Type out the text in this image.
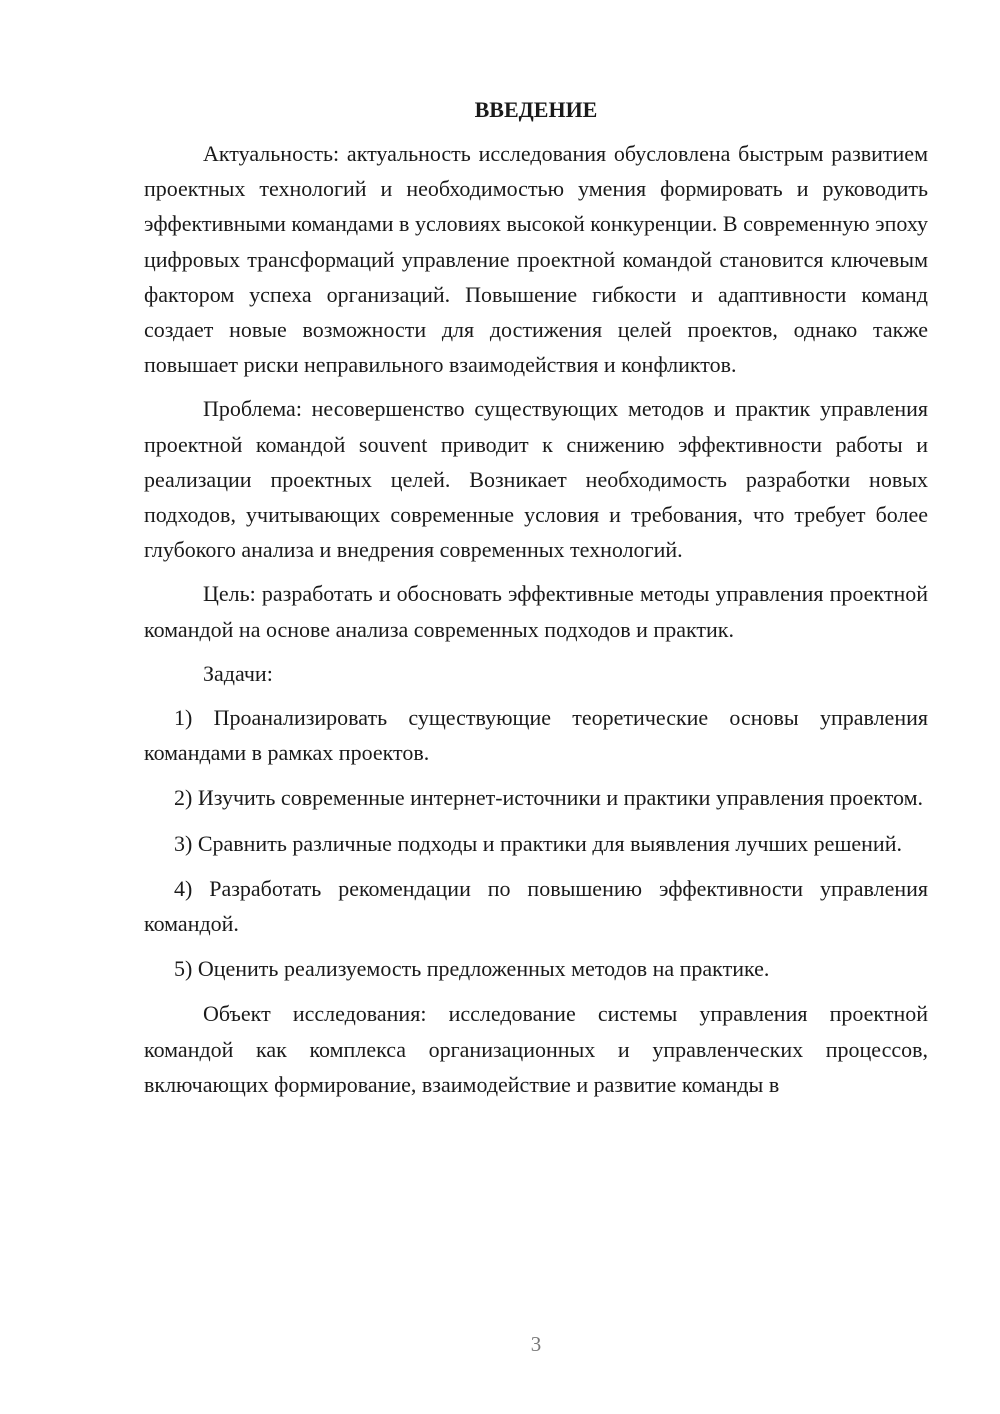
ВВЕДЕНИЕ

Актуальность: актуальность исследования обусловлена быстрым развитием проектных технологий и необходимостью умения формировать и руководить эффективными командами в условиях высокой конкуренции. В современную эпоху цифровых трансформаций управление проектной командой становится ключевым фактором успеха организаций. Повышение гибкости и адаптивности команд создает новые возможности для достижения целей проектов, однако также повышает риски неправильного взаимодействия и конфликтов.

Проблема: несовершенство существующих методов и практик управления проектной командой souvent приводит к снижению эффективности работы и реализации проектных целей. Возникает необходимость разработки новых подходов, учитывающих современные условия и требования, что требует более глубокого анализа и внедрения современных технологий.

Цель: разработать и обосновать эффективные методы управления проектной командой на основе анализа современных подходов и практик.

Задачи:

1) Проанализировать существующие теоретические основы управления командами в рамках проектов.

2) Изучить современные интернет-источники и практики управления проектом.

3) Сравнить различные подходы и практики для выявления лучших решений.

4) Разработать рекомендации по повышению эффективности управления командой.

5) Оценить реализуемость предложенных методов на практике.

Объект исследования: исследование системы управления проектной командой как комплекса организационных и управленческих процессов, включающих формирование, взаимодействие и развитие команды в

3
